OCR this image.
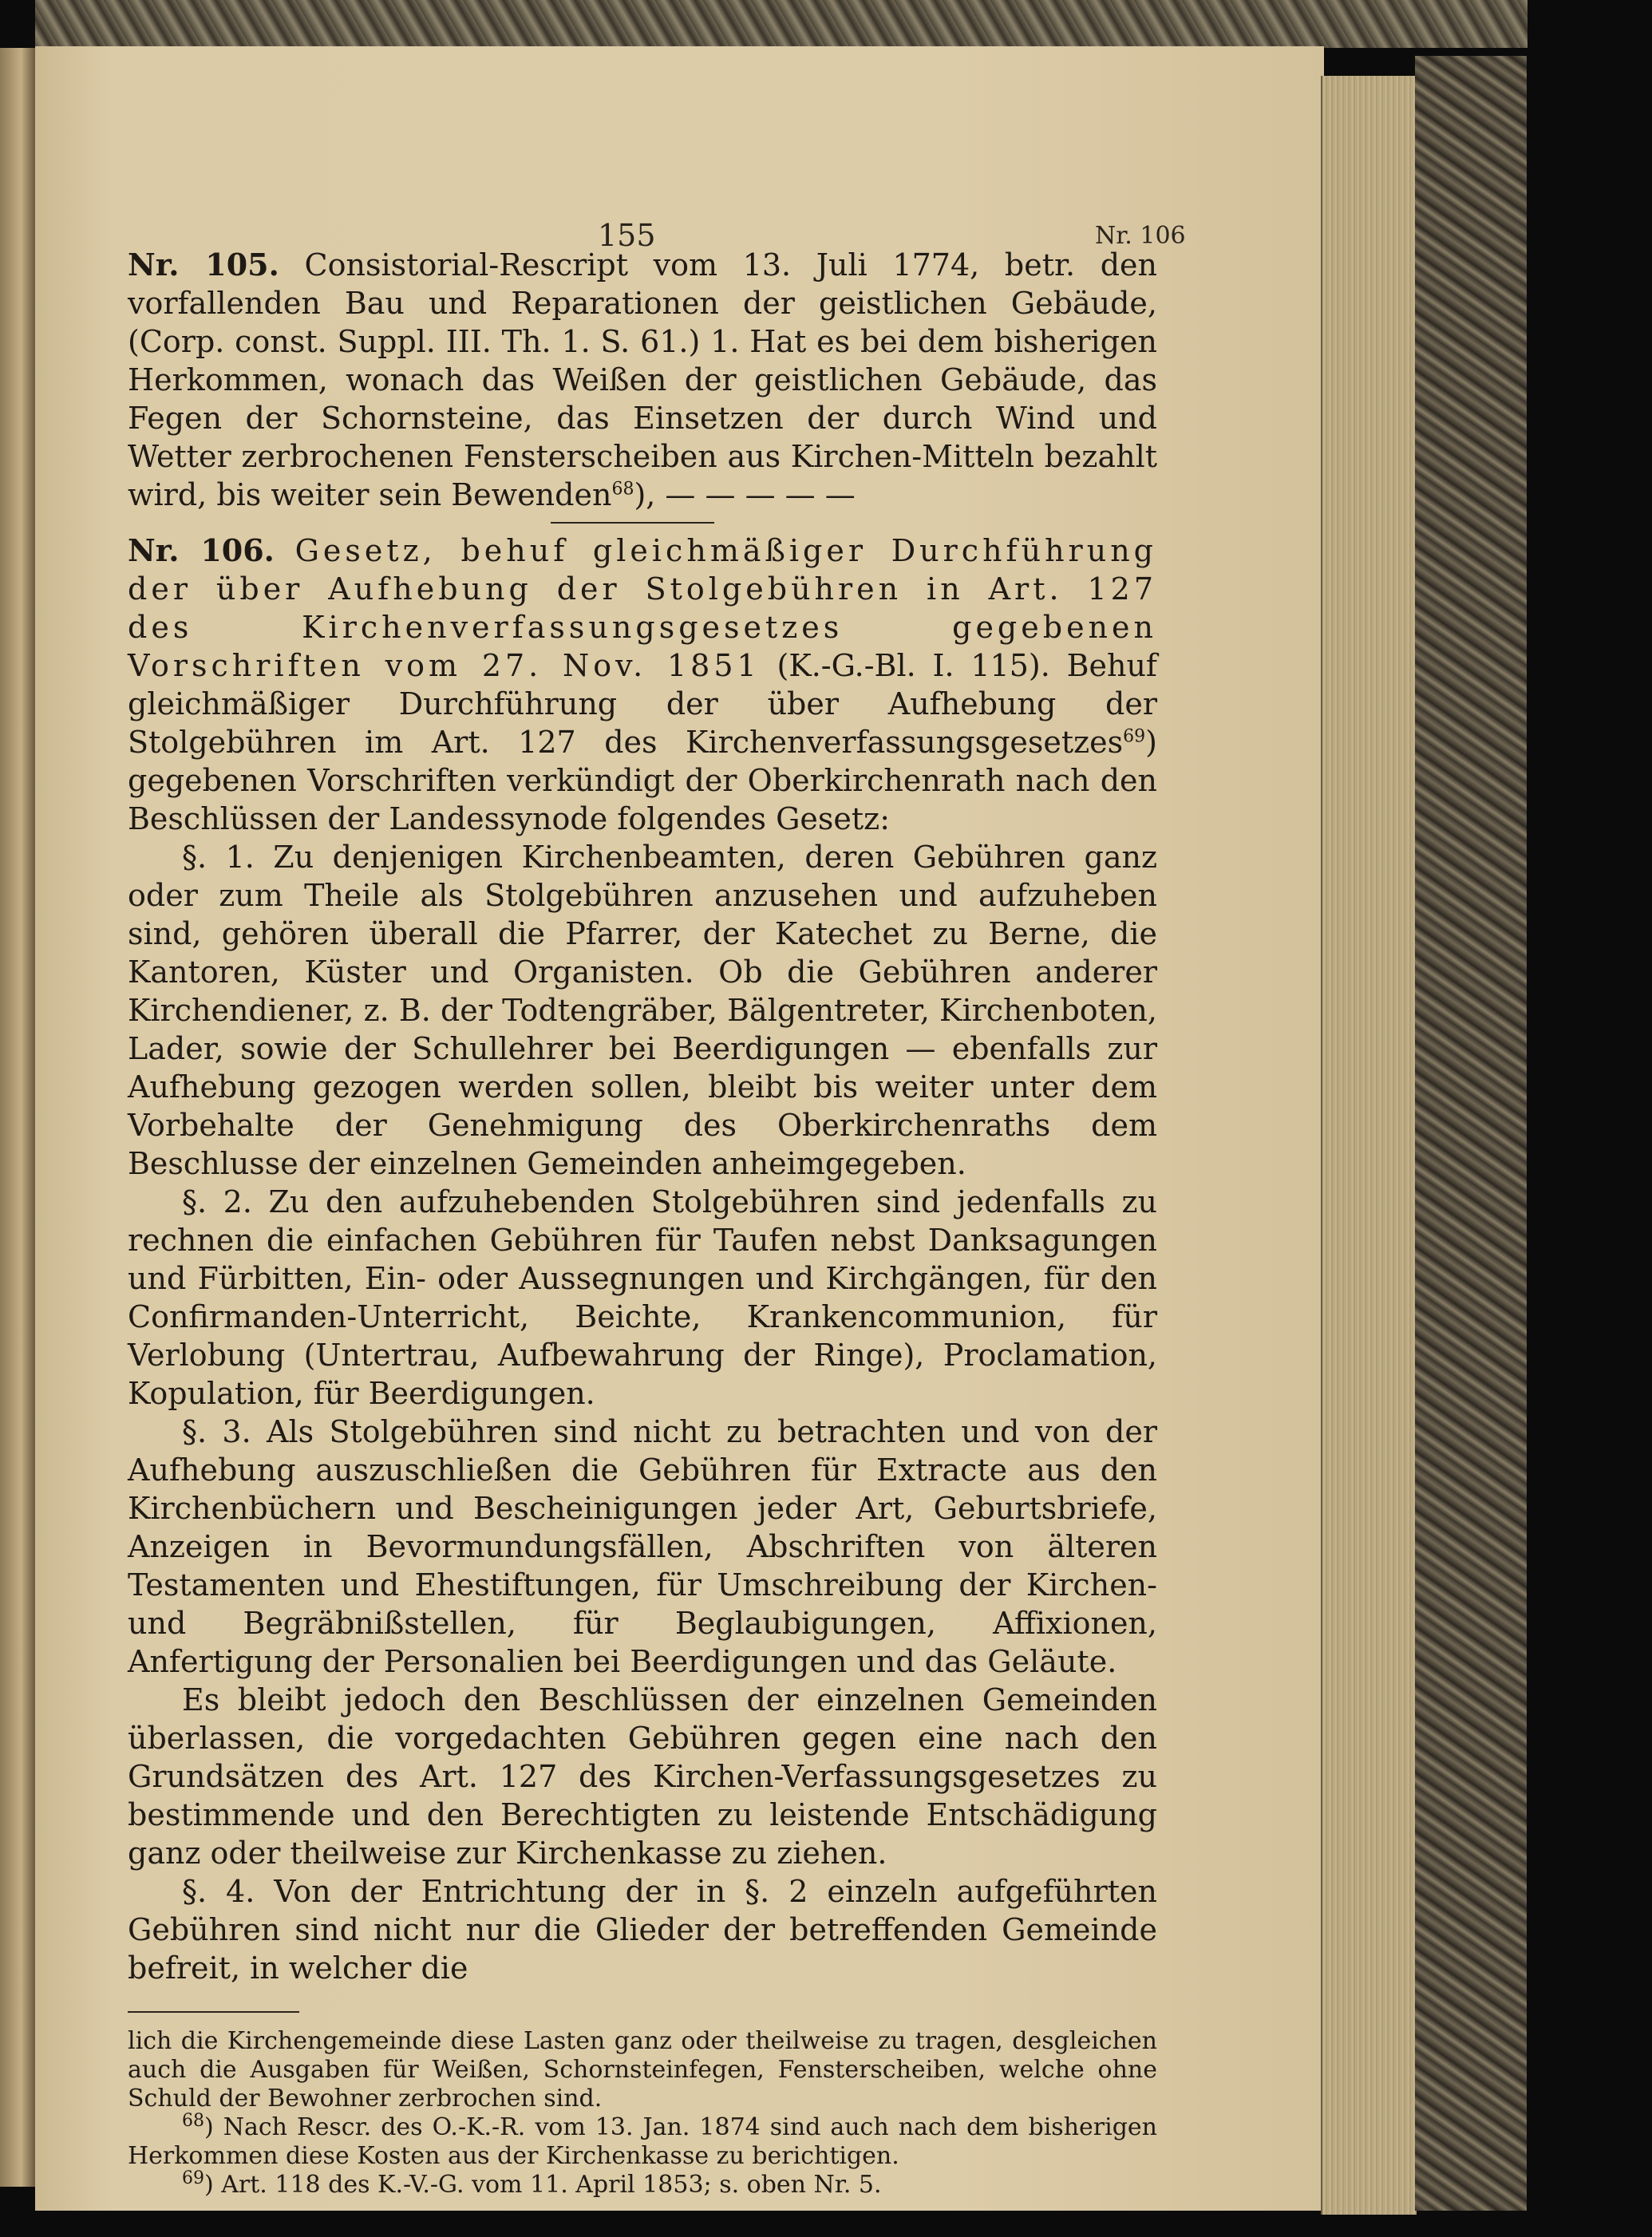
155	Nr. 106

Nr. 105. Consistorial-Rescript vom 13. Juli 1774, betr. den vorfallenden Bau und Reparationen der geistlichen Gebäude, (Corp. const. Suppl. III. Th. 1. S. 61.) 1. Hat es bei dem bisherigen Herkommen, wonach das Weißen der geistlichen Gebäude, das Fegen der Schornsteine, das Einsetzen der durch Wind und Wetter zerbrochenen Fensterscheiben aus Kirchen-Mitteln bezahlt wird, bis weiter sein Bewenden$^{68}$), — — — — —

Nr. 106. Gesetz, behuf gleichmäßiger Durchführung der über Aufhebung der Stolgebühren in Art. 127 des Kirchenverfassungsgesetzes gegebenen Vorschriften vom 27. Nov. 1851 (K.-G.-Bl. I. 115). Behuf gleichmäßiger Durchführung der über Aufhebung der Stolgebühren im Art. 127 des Kirchenverfassungsgesetzes$^{69}$) gegebenen Vorschriften verkündigt der Oberkirchenrath nach den Beschlüssen der Landessynode folgendes Gesetz:

§. 1. Zu denjenigen Kirchenbeamten, deren Gebühren ganz oder zum Theile als Stolgebühren anzusehen und aufzuheben sind, gehören überall die Pfarrer, der Katechet zu Berne, die Kantoren, Küster und Organisten. Ob die Gebühren anderer Kirchendiener, z. B. der Todtengräber, Bälgentreter, Kirchenboten, Lader, sowie der Schullehrer bei Beerdigungen — ebenfalls zur Aufhebung gezogen werden sollen, bleibt bis weiter unter dem Vorbehalte der Genehmigung des Oberkirchenraths dem Beschlusse der einzelnen Gemeinden anheimgegeben.

§. 2. Zu den aufzuhebenden Stolgebühren sind jedenfalls zu rechnen die einfachen Gebühren für Taufen nebst Danksagungen und Fürbitten, Ein- oder Aussegnungen und Kirchgängen, für den Confirmanden-Unterricht, Beichte, Krankencommunion, für Verlobung (Untertrau, Aufbewahrung der Ringe), Proclamation, Kopulation, für Beerdigungen.

§. 3. Als Stolgebühren sind nicht zu betrachten und von der Aufhebung auszuschließen die Gebühren für Extracte aus den Kirchenbüchern und Bescheinigungen jeder Art, Geburtsbriefe, Anzeigen in Bevormundungsfällen, Abschriften von älteren Testamenten und Ehestiftungen, für Umschreibung der Kirchen- und Begräbnißstellen, für Beglaubigungen, Affixionen, Anfertigung der Personalien bei Beerdigungen und das Geläute.

Es bleibt jedoch den Beschlüssen der einzelnen Gemeinden überlassen, die vorgedachten Gebühren gegen eine nach den Grundsätzen des Art. 127 des Kirchen-Verfassungsgesetzes zu bestimmende und den Berechtigten zu leistende Entschädigung ganz oder theilweise zur Kirchenkasse zu ziehen.

§. 4. Von der Entrichtung der in §. 2 einzeln aufgeführten Gebühren sind nicht nur die Glieder der betreffenden Gemeinde befreit, in welcher die

lich die Kirchengemeinde diese Lasten ganz oder theilweise zu tragen, desgleichen auch die Ausgaben für Weißen, Schornsteinfegen, Fensterscheiben, welche ohne Schuld der Bewohner zerbrochen sind.

$^{68}$) Nach Rescr. des O.-K.-R. vom 13. Jan. 1874 sind auch nach dem bisherigen Herkommen diese Kosten aus der Kirchenkasse zu berichtigen.

$^{69}$) Art. 118 des K.-V.-G. vom 11. April 1853; s. oben Nr. 5.
